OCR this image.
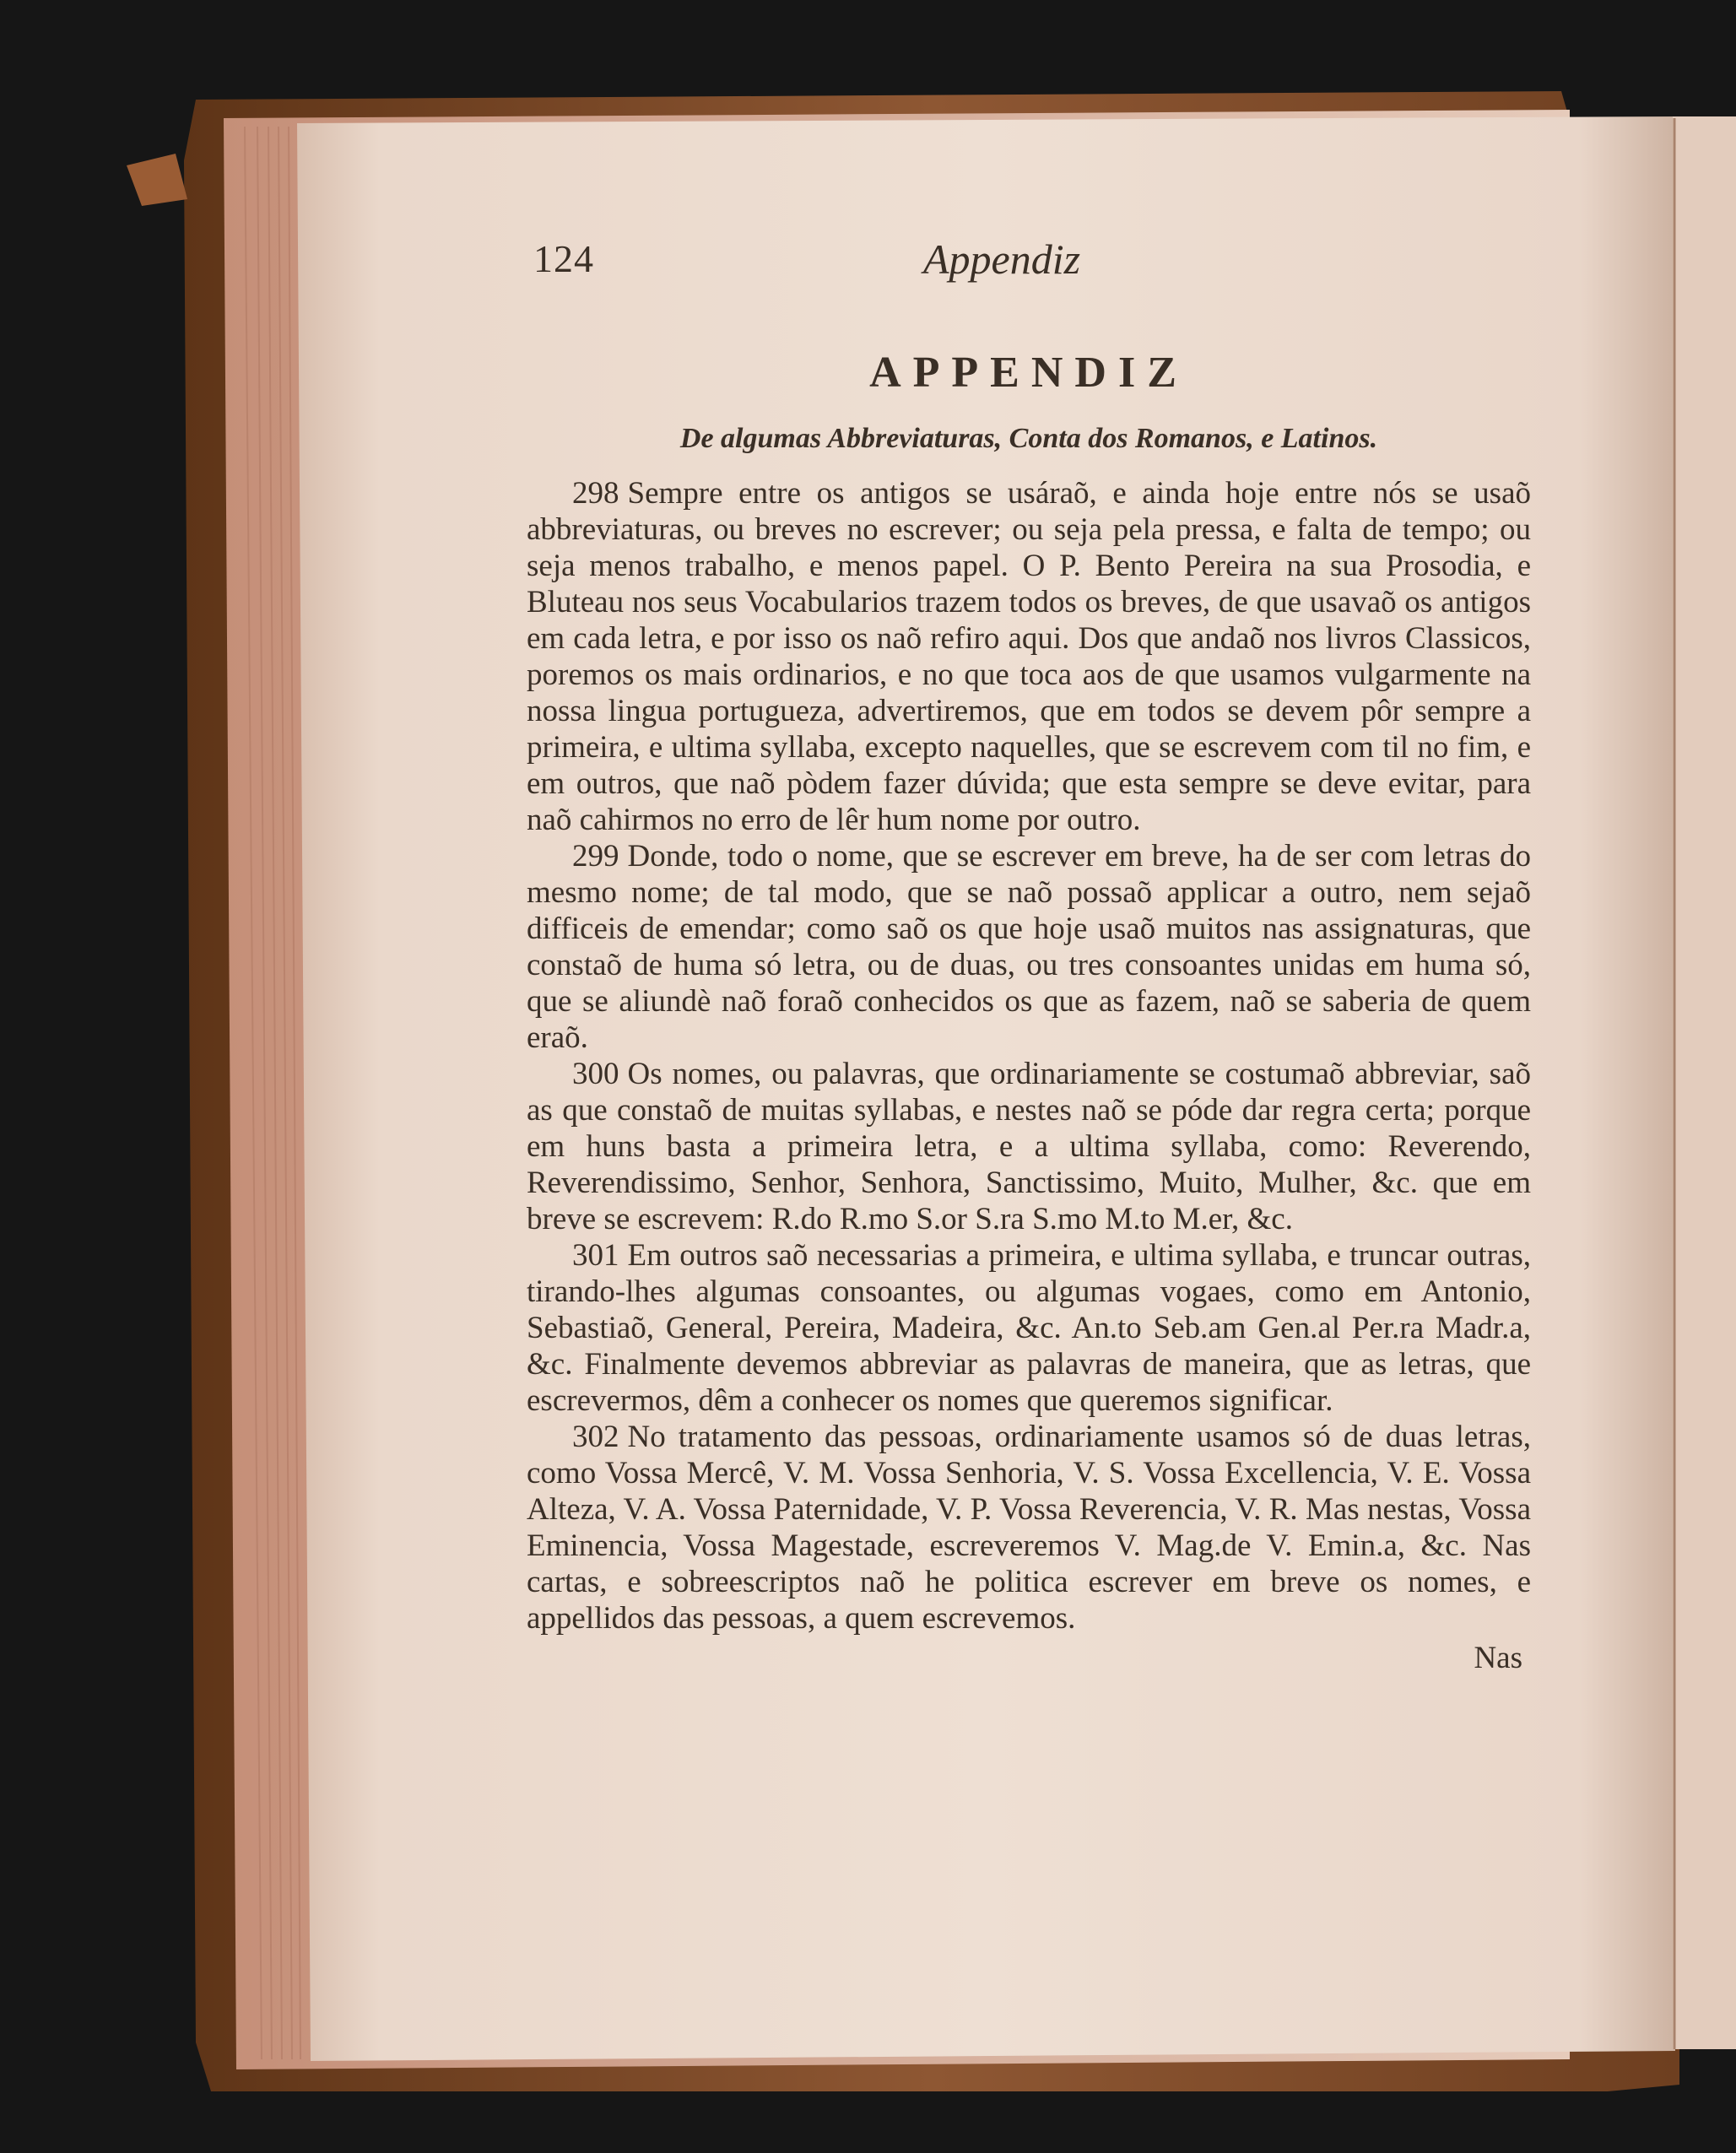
124	Appendiz
APPENDIZ
De algumas Abbreviaturas, Conta dos Romanos, e Latinos.

298 Sempre entre os antigos se usáraõ, e ainda hoje entre nós se usaõ abbreviaturas, ou breves no escrever; ou seja pela pressa, e falta de tempo; ou seja menos trabalho, e menos papel. O P. Bento Pereira na sua Prosodia, e Bluteau nos seus Vocabularios trazem todos os breves, de que usavaõ os antigos em cada letra, e por isso os naõ refiro aqui. Dos que andaõ nos livros Classicos, poremos os mais ordinarios, e no que toca aos de que usamos vulgarmente na nossa lingua portugueza, advertiremos, que em todos se devem pôr sempre a primeira, e ultima syllaba, excepto naquelles, que se escrevem com til no fim, e em outros, que naõ pòdem fazer dúvida; que esta sempre se deve evitar, para naõ cahirmos no erro de lêr hum nome por outro.

299 Donde, todo o nome, que se escrever em breve, ha de ser com letras do mesmo nome; de tal modo, que se naõ possaõ applicar a outro, nem sejaõ difficeis de emendar; como saõ os que hoje usaõ muitos nas assignaturas, que constaõ de huma só letra, ou de duas, ou tres consoantes unidas em huma só, que se aliundè naõ foraõ conhecidos os que as fazem, naõ se saberia de quem eraõ.

300 Os nomes, ou palavras, que ordinariamente se costumaõ abbreviar, saõ as que constaõ de muitas syllabas, e nestes naõ se póde dar regra certa; porque em huns basta a primeira letra, e a ultima syllaba, como: Reverendo, Reverendissimo, Senhor, Senhora, Sanctissimo, Muito, Mulher, &c. que em breve se escrevem: R.do R.mo S.or S.ra S.mo M.to M.er, &c.

301 Em outros saõ necessarias a primeira, e ultima syllaba, e truncar outras, tirando-lhes algumas consoantes, ou algumas vogaes, como em Antonio, Sebastiaõ, General, Pereira, Madeira, &c. An.to Seb.am Gen.al Per.ra Madr.a, &c. Finalmente devemos abbreviar as palavras de maneira, que as letras, que escrevermos, dêm a conhecer os nomes que queremos significar.

302 No tratamento das pessoas, ordinariamente usamos só de duas letras, como Vossa Mercê, V. M. Vossa Senhoria, V. S. Vossa Excellencia, V. E. Vossa Alteza, V. A. Vossa Paternidade, V. P. Vossa Reverencia, V. R. Mas nestas, Vossa Eminencia, Vossa Magestade, escreveremos V. Mag.de V. Emin.a, &c. Nas cartas, e sobreescriptos naõ he politica escrever em breve os nomes, e appellidos das pessoas, a quem escrevemos.

Nas
